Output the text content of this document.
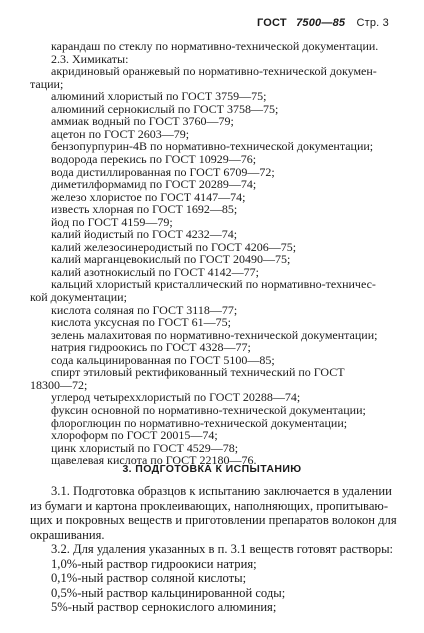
ГОСТ 7500—85 Стр. 3
3. ПОДГОТОВКА К ИСПЫТАНИЮ
3.1. Подготовка образцов к испытанию заключается в удалении
из бумаги и картона проклеивающих, наполняющих, пропитываю-
щих и покровных веществ и приготовлении препаратов волокон для
окрашивания.
3.2. Для удаления указанных в п. 3.1 веществ готовят растворы:
1,0%-ный раствор гидроокиси натрия;
0,1%-ный раствор соляной кислоты;
0,5%-ный раствор кальцинированной соды;
5%-ный раствор сернокислого алюминия;
карандаш по стеклу по нормативно-технической документации.
2.3. Химикаты:
акридиновый оранжевый по нормативно-технической докумен-
тации;
алюминий хлористый по ГОСТ 3759—75;
алюминий сернокислый по ГОСТ 3758—75;
аммиак водный по ГОСТ 3760—79;
ацетон по ГОСТ 2603—79;
бензопурпурин-4В по нормативно-технической документации;
водорода перекись по ГОСТ 10929—76;
вода дистиллированная по ГОСТ 6709—72;
диметилформамид по ГОСТ 20289—74;
железо хлористое по ГОСТ 4147—74;
известь хлорная по ГОСТ 1692—85;
йод по ГОСТ 4159—79;
калий йодистый по ГОСТ 4232—74;
калий железосинеродистый по ГОСТ 4206—75;
калий марганцевокислый по ГОСТ 20490—75;
калий азотнокислый по ГОСТ 4142—77;
кальций хлористый кристаллический по нормативно-техничес-
кой документации;
кислота соляная по ГОСТ 3118—77;
кислота уксусная по ГОСТ 61—75;
зелень малахитовая по нормативно-технической документации;
натрия гидроокись по ГОСТ 4328—77;
сода кальцинированная по ГОСТ 5100—85;
спирт этиловый ректификованный технический по ГОСТ
18300—72;
углерод четыреххлористый по ГОСТ 20288—74;
фуксин основной по нормативно-технической документации;
флороглюцин по нормативно-технической документации;
хлороформ по ГОСТ 20015—74;
цинк хлористый по ГОСТ 4529—78;
щавелевая кислота по ГОСТ 22180—76.
